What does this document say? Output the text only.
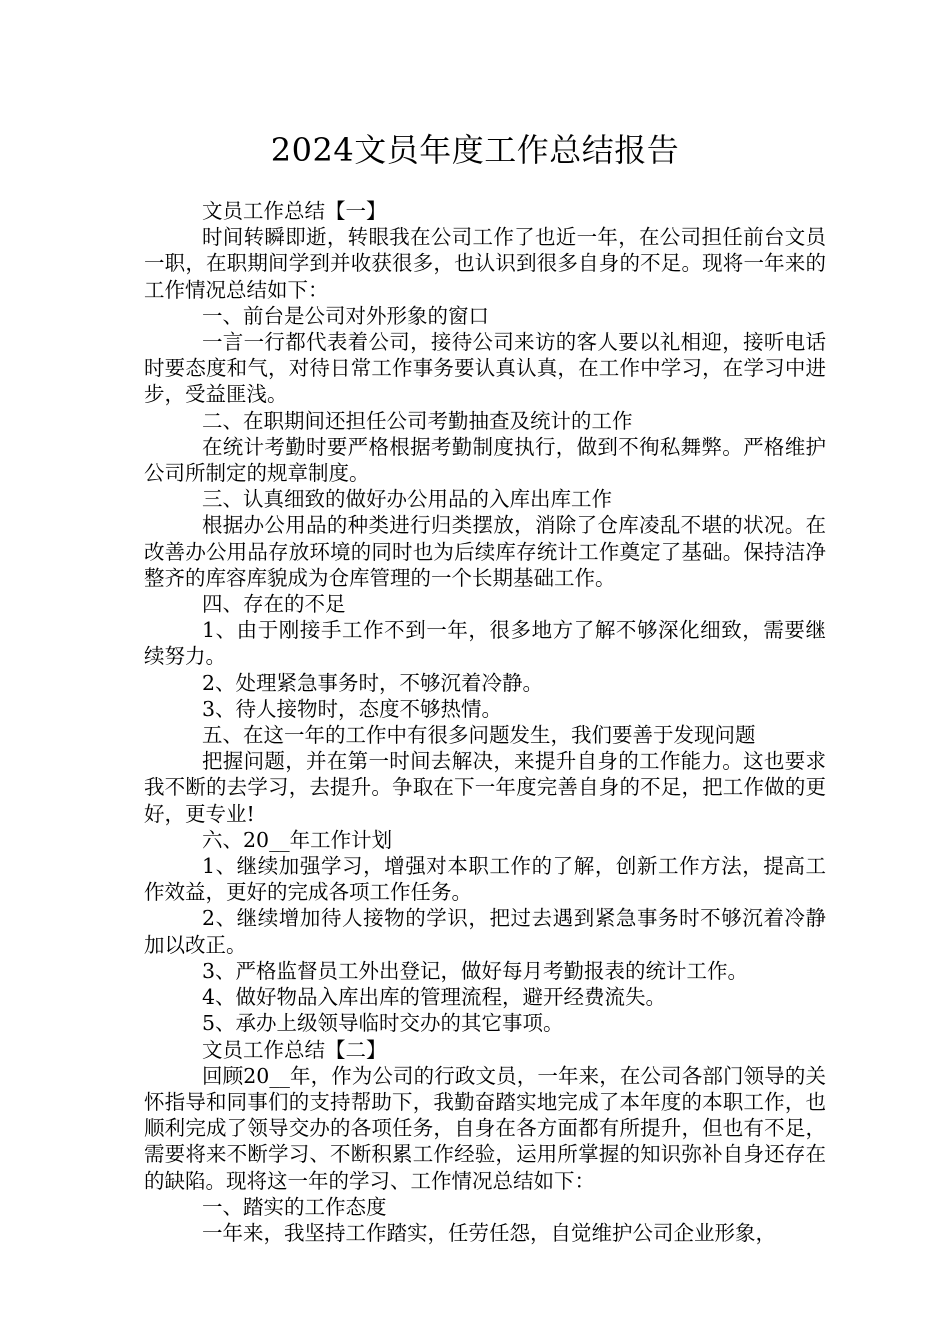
2024文员年度工作总结报告

文员工作总结【一】

时间转瞬即逝，转眼我在公司工作了也近一年，在公司担任前台文员一职，在职期间学到并收获很多，也认识到很多自身的不足。现将一年来的工作情况总结如下：

一、前台是公司对外形象的窗口

一言一行都代表着公司，接待公司来访的客人要以礼相迎，接听电话时要态度和气，对待日常工作事务要认真认真，在工作中学习，在学习中进步，受益匪浅。

二、在职期间还担任公司考勤抽查及统计的工作

在统计考勤时要严格根据考勤制度执行，做到不徇私舞弊。严格维护公司所制定的规章制度。

三、认真细致的做好办公用品的入库出库工作

根据办公用品的种类进行归类摆放，消除了仓库凌乱不堪的状况。在改善办公用品存放环境的同时也为后续库存统计工作奠定了基础。保持洁净整齐的库容库貌成为仓库管理的一个长期基础工作。

四、存在的不足

1、由于刚接手工作不到一年，很多地方了解不够深化细致，需要继续努力。

2、处理紧急事务时，不够沉着冷静。

3、待人接物时，态度不够热情。

五、在这一年的工作中有很多问题发生，我们要善于发现问题

把握问题，并在第一时间去解决，来提升自身的工作能力。这也要求我不断的去学习，去提升。争取在下一年度完善自身的不足，把工作做的更好，更专业!

六、20__年工作计划

1、继续加强学习，增强对本职工作的了解，创新工作方法，提高工作效益，更好的完成各项工作任务。

2、继续增加待人接物的学识，把过去遇到紧急事务时不够沉着冷静加以改正。

3、严格监督员工外出登记，做好每月考勤报表的统计工作。

4、做好物品入库出库的管理流程，避开经费流失。

5、承办上级领导临时交办的其它事项。

文员工作总结【二】

回顾20__年，作为公司的行政文员，一年来，在公司各部门领导的关怀指导和同事们的支持帮助下，我勤奋踏实地完成了本年度的本职工作，也顺利完成了领导交办的各项任务，自身在各方面都有所提升，但也有不足，需要将来不断学习、不断积累工作经验，运用所掌握的知识弥补自身还存在的缺陷。现将这一年的学习、工作情况总结如下：

一、踏实的工作态度

一年来，我坚持工作踏实，任劳任怨，自觉维护公司企业形象，
